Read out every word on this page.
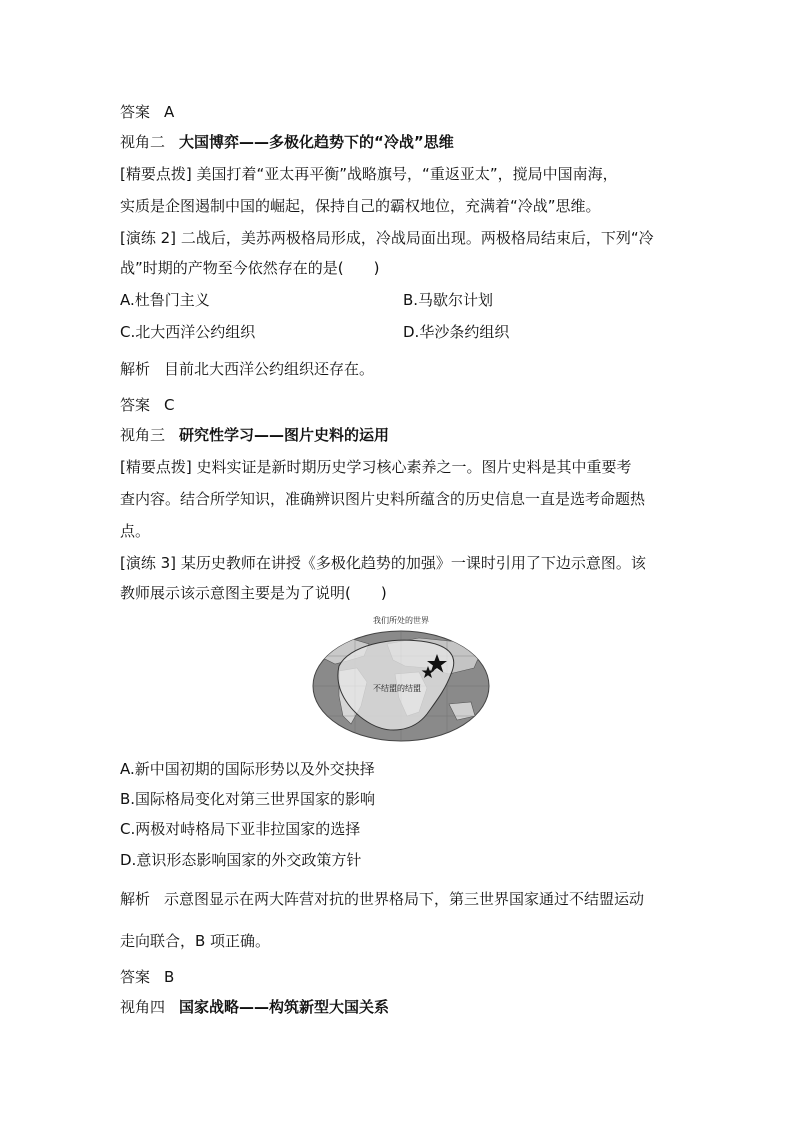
答案 A
视角二 大国博弈——多极化趋势下的“冷战”思维
[精要点拨] 美国打着“亚太再平衡”战略旗号，“重返亚太”，搅局中国南海，
实质是企图遏制中国的崛起，保持自己的霸权地位，充满着“冷战”思维。
[演练 2] 二战后，美苏两极格局形成，冷战局面出现。两极格局结束后，下列“冷
战”时期的产物至今依然存在的是(　　)
A.杜鲁门主义	B.马歇尔计划
C.北大西洋公约组织	D.华沙条约组织
解析 目前北大西洋公约组织还存在。
答案 C
视角三 研究性学习——图片史料的运用
[精要点拨] 史料实证是新时期历史学习核心素养之一。图片史料是其中重要考
查内容。结合所学知识，准确辨识图片史料所蕴含的历史信息一直是选考命题热
点。
[演练 3] 某历史教师在讲授《多极化趋势的加强》一课时引用了下边示意图。该
教师展示该示意图主要是为了说明(　　)
我们所处的世界
不结盟的结盟
A.新中国初期的国际形势以及外交抉择
B.国际格局变化对第三世界国家的影响
C.两极对峙格局下亚非拉国家的选择
D.意识形态影响国家的外交政策方针
解析 示意图显示在两大阵营对抗的世界格局下，第三世界国家通过不结盟运动
走向联合，B 项正确。
答案 B
视角四 国家战略——构筑新型大国关系
